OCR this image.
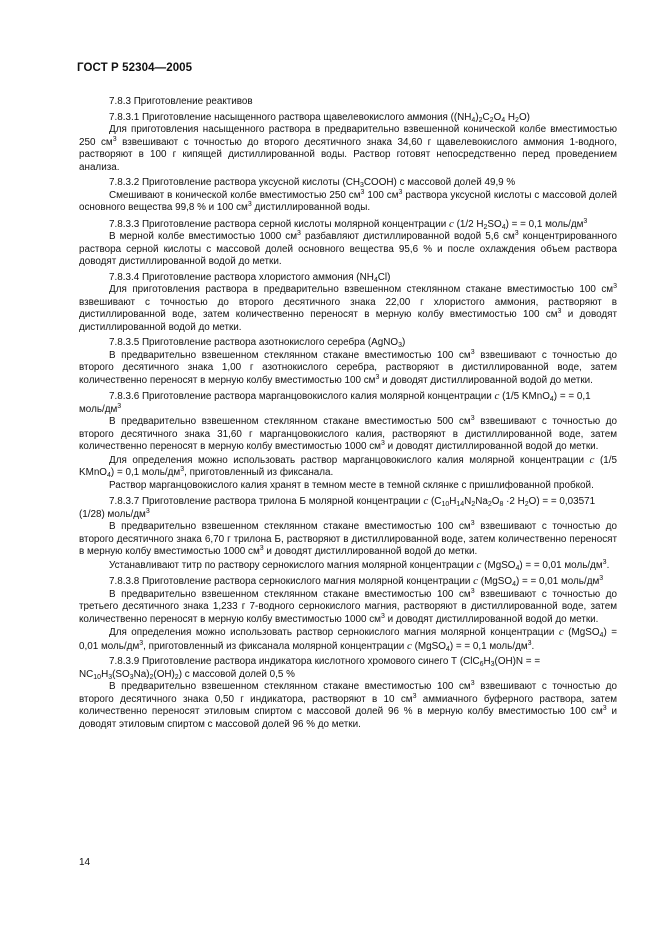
ГОСТ Р 52304—2005

7.8.3 Приготовление реактивов

7.8.3.1 Приготовление насыщенного раствора щавелевокислого аммония ($(NH_4)_2C_2O_4$ $H_2O$)

Для приготовления насыщенного раствора в предварительно взвешенной конической колбе вместимостью 250 $см^3$ взвешивают с точностью до второго десятичного знака 34,60 г щавелевокислого аммония 1-водного, растворяют в 100 г кипящей дистиллированной воды. Раствор готовят непосредственно перед проведением анализа.

7.8.3.2 Приготовление раствора уксусной кислоты $(CH_3COOH)$ с массовой долей 49,9 %

Смешивают в конической колбе вместимостью 250 $см^3$ 100 $см^3$ раствора уксусной кислоты с массовой долей основного вещества 99,8 % и 100 $см^3$ дистиллированной воды.

7.8.3.3 Приготовление раствора серной кислоты молярной концентрации c (1/2 $H_2SO_4$) = = 0,1 моль/$дм^3$

В мерной колбе вместимостью 1000 $см^3$ разбавляют дистиллированной водой 5,6 $см^3$ концентрированного раствора серной кислоты с массовой долей основного вещества 95,6 % и после охлаждения объем раствора доводят дистиллированной водой до метки.

7.8.3.4 Приготовление раствора хлористого аммония $(NH_4Cl)$

Для приготовления раствора в предварительно взвешенном стеклянном стакане вместимостью 100 $см^3$ взвешивают с точностью до второго десятичного знака 22,00 г хлористого аммония, растворяют в дистиллированной воде, затем количественно переносят в мерную колбу вместимостью 100 $см^3$ и доводят дистиллированной водой до метки.

7.8.3.5 Приготовление раствора азотнокислого серебра (AgNO$_3$)

В предварительно взвешенном стеклянном стакане вместимостью 100 $см^3$ взвешивают с точностью до второго десятичного знака 1,00 г азотнокислого серебра, растворяют в дистиллированной воде, затем количественно переносят в мерную колбу вместимостью 100 $см^3$ и доводят дистиллированной водой до метки.

7.8.3.6 Приготовление раствора марганцовокислого калия молярной концентрации c (1/5 KMnO$_4$) = = 0,1 моль/$дм^3$

В предварительно взвешенном стеклянном стакане вместимостью 500 $см^3$ взвешивают с точностью до второго десятичного знака 31,60 г марганцовокислого калия, растворяют в дистиллированной воде, затем количественно переносят в мерную колбу вместимостью 1000 $см^3$ и доводят дистиллированной водой до метки.

Для определения можно использовать раствор марганцовокислого калия молярной концентрации c (1/5 KMnO$_4$) = 0,1 моль/$дм^3$, приготовленный из фиксанала.

Раствор марганцовокислого калия хранят в темном месте в темной склянке с пришлифованной пробкой.

7.8.3.7 Приготовление раствора трилона Б молярной концентрации c ($C_{10}H_{14}N_2Na_2O_8 \cdot 2$ $H_2O$) = = 0,03571 (1/28) моль/$дм^3$

В предварительно взвешенном стеклянном стакане вместимостью 100 $см^3$ взвешивают с точностью до второго десятичного знака 6,70 г трилона Б, растворяют в дистиллированной воде, затем количественно переносят в мерную колбу вместимостью 1000 $см^3$ и доводят дистиллированной водой до метки.

Устанавливают титр по раствору сернокислого магния молярной концентрации c (MgSO$_4$) = = 0,01 моль/$дм^3$.

7.8.3.8 Приготовление раствора сернокислого магния молярной концентрации c (MgSO$_4$) = = 0,01 моль/$дм^3$

В предварительно взвешенном стеклянном стакане вместимостью 100 $см^3$ взвешивают с точностью до третьего десятичного знака 1,233 г 7-водного сернокислого магния, растворяют в дистиллированной воде, затем количественно переносят в мерную колбу вместимостью 1000 $см^3$ и доводят дистиллированной водой до метки.

Для определения можно использовать раствор сернокислого магния молярной концентрации c (MgSO$_4$) = 0,01 моль/$дм^3$, приготовленный из фиксанала молярной концентрации c (MgSO$_4$) = = 0,1 моль/$дм^3$.

7.8.3.9 Приготовление раствора индикатора кислотного хромового синего Т ($ClC_6H_3(OH)N$ = = $NC_{10}H_3(SO_3Na)_2(OH)_2$) с массовой долей 0,5 %

В предварительно взвешенном стеклянном стакане вместимостью 100 $см^3$ взвешивают с точностью до второго десятичного знака 0,50 г индикатора, растворяют в 10 $см^3$ аммиачного буферного раствора, затем количественно переносят этиловым спиртом с массовой долей 96 % в мерную колбу вместимостью 100 $см^3$ и доводят этиловым спиртом с массовой долей 96 % до метки.

14
